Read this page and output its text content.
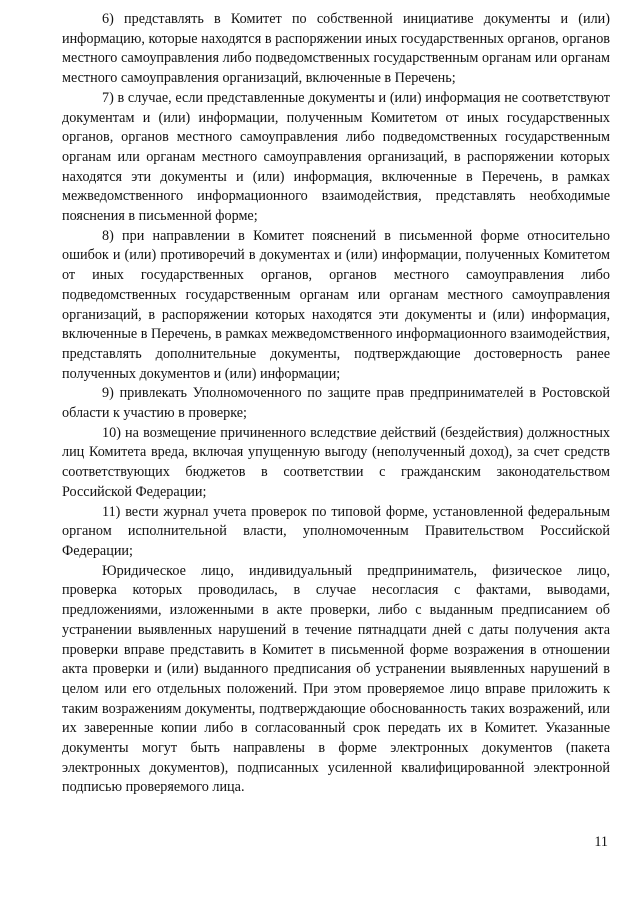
6) представлять в Комитет по собственной инициативе документы и (или) информацию, которые находятся в распоряжении иных государственных органов, органов местного самоуправления либо подведомственных государственным органам или органам местного самоуправления организаций, включенные в Перечень;

7) в случае, если представленные документы и (или) информация не соответствуют документам и (или) информации, полученным Комитетом от иных государственных органов, органов местного самоуправления либо подведомственных государственным органам или органам местного самоуправления организаций, в распоряжении которых находятся эти документы и (или) информация, включенные в Перечень, в рамках межведомственного информационного взаимодействия, представлять необходимые пояснения в письменной форме;

8) при направлении в Комитет пояснений в письменной форме относительно ошибок и (или) противоречий в документах и (или) информации, полученных Комитетом от иных государственных органов, органов местного самоуправления либо подведомственных государственным органам или органам местного самоуправления организаций, в распоряжении которых находятся эти документы и (или) информация, включенные в Перечень, в рамках межведомственного информационного взаимодействия, представлять дополнительные документы, подтверждающие достоверность ранее полученных документов и (или) информации;

9) привлекать Уполномоченного по защите прав предпринимателей в Ростовской области к участию в проверке;

10) на возмещение причиненного вследствие действий (бездействия) должностных лиц Комитета вреда, включая упущенную выгоду (неполученный доход), за счет средств соответствующих бюджетов в соответствии с гражданским законодательством Российской Федерации;

11) вести журнал учета проверок по типовой форме, установленной федеральным органом исполнительной власти, уполномоченным Правительством Российской Федерации;

Юридическое лицо, индивидуальный предприниматель, физическое лицо, проверка которых проводилась, в случае несогласия с фактами, выводами, предложениями, изложенными в акте проверки, либо с выданным предписанием об устранении выявленных нарушений в течение пятнадцати дней с даты получения акта проверки вправе представить в Комитет в письменной форме возражения в отношении акта проверки и (или) выданного предписания об устранении выявленных нарушений в целом или его отдельных положений. При этом проверяемое лицо вправе приложить к таким возражениям документы, подтверждающие обоснованность таких возражений, или их заверенные копии либо в согласованный срок передать их в Комитет. Указанные документы могут быть направлены в форме электронных документов (пакета электронных документов), подписанных усиленной квалифицированной электронной подписью проверяемого лица.

11
